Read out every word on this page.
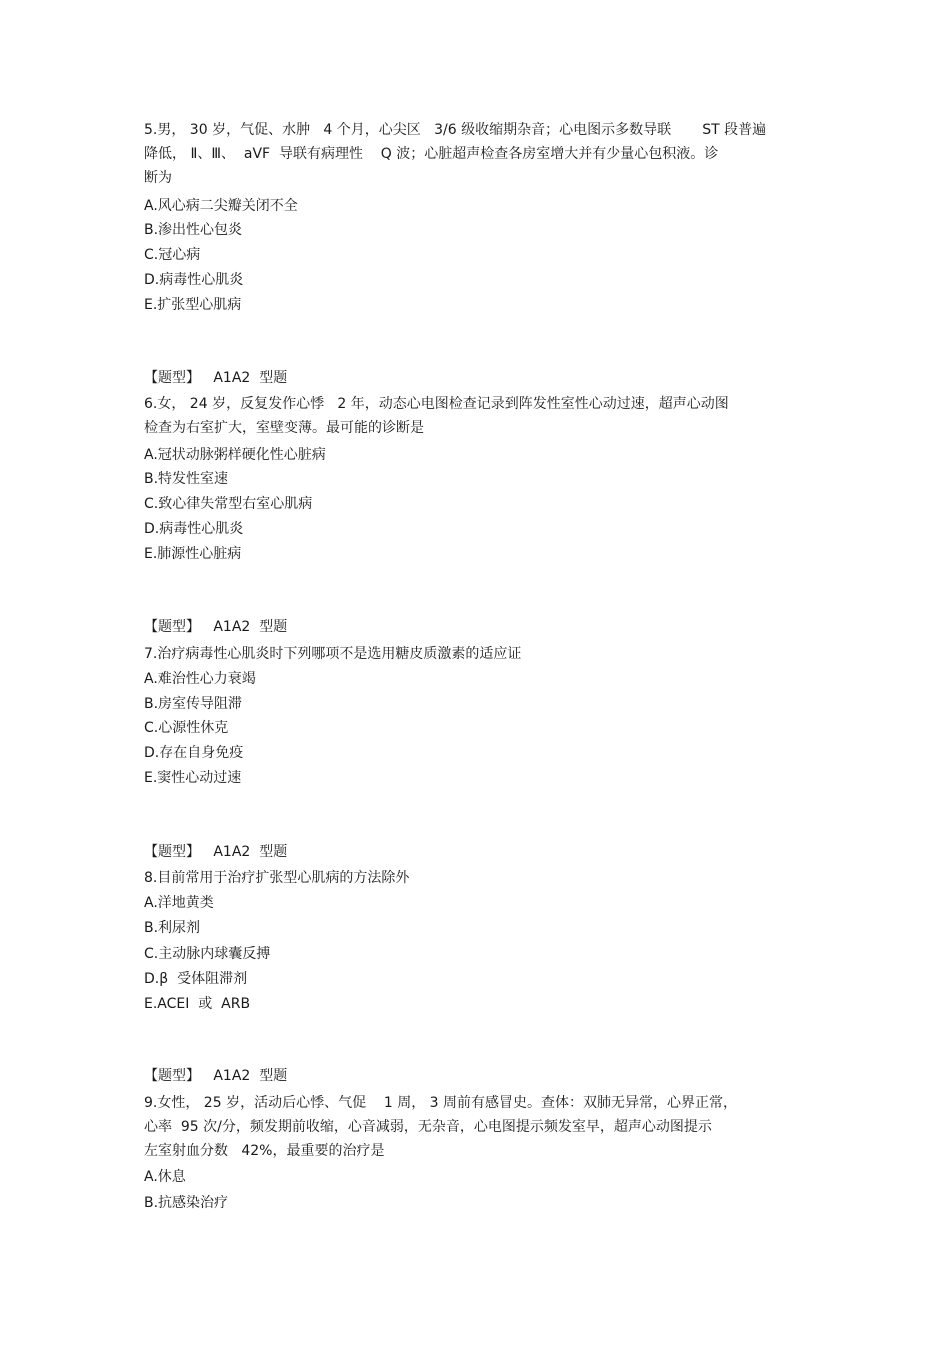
5.男， 30 岁，气促、水肿   4 个月，心尖区   3/6 级收缩期杂音；心电图示多数导联       ST 段普遍
降低， Ⅱ、Ⅲ、  aVF  导联有病理性    Q 波；心脏超声检查各房室增大并有少量心包积液。诊
断为
A.风心病二尖瓣关闭不全
B.渗出性心包炎
C.冠心病
D.病毒性心肌炎
E.扩张型心肌病
【题型】   A1A2  型题
6.女， 24 岁，反复发作心悸   2 年，动态心电图检查记录到阵发性室性心动过速，超声心动图
检查为右室扩大，室壁变薄。最可能的诊断是
A.冠状动脉粥样硬化性心脏病
B.特发性室速
C.致心律失常型右室心肌病
D.病毒性心肌炎
E.肺源性心脏病
【题型】   A1A2  型题
7.治疗病毒性心肌炎时下列哪项不是选用糖皮质激素的适应证
A.难治性心力衰竭
B.房室传导阻滞
C.心源性休克
D.存在自身免疫
E.窦性心动过速
【题型】   A1A2  型题
8.目前常用于治疗扩张型心肌病的方法除外
A.洋地黄类
B.利尿剂
C.主动脉内球囊反搏
D.β  受体阻滞剂
E.ACEI  或  ARB
【题型】   A1A2  型题
9.女性， 25 岁，活动后心悸、气促    1 周， 3 周前有感冒史。查体：双肺无异常，心界正常，
心率  95 次/分，频发期前收缩，心音减弱，无杂音，心电图提示频发室早，超声心动图提示
左室射血分数   42%，最重要的治疗是
A.休息
B.抗感染治疗
